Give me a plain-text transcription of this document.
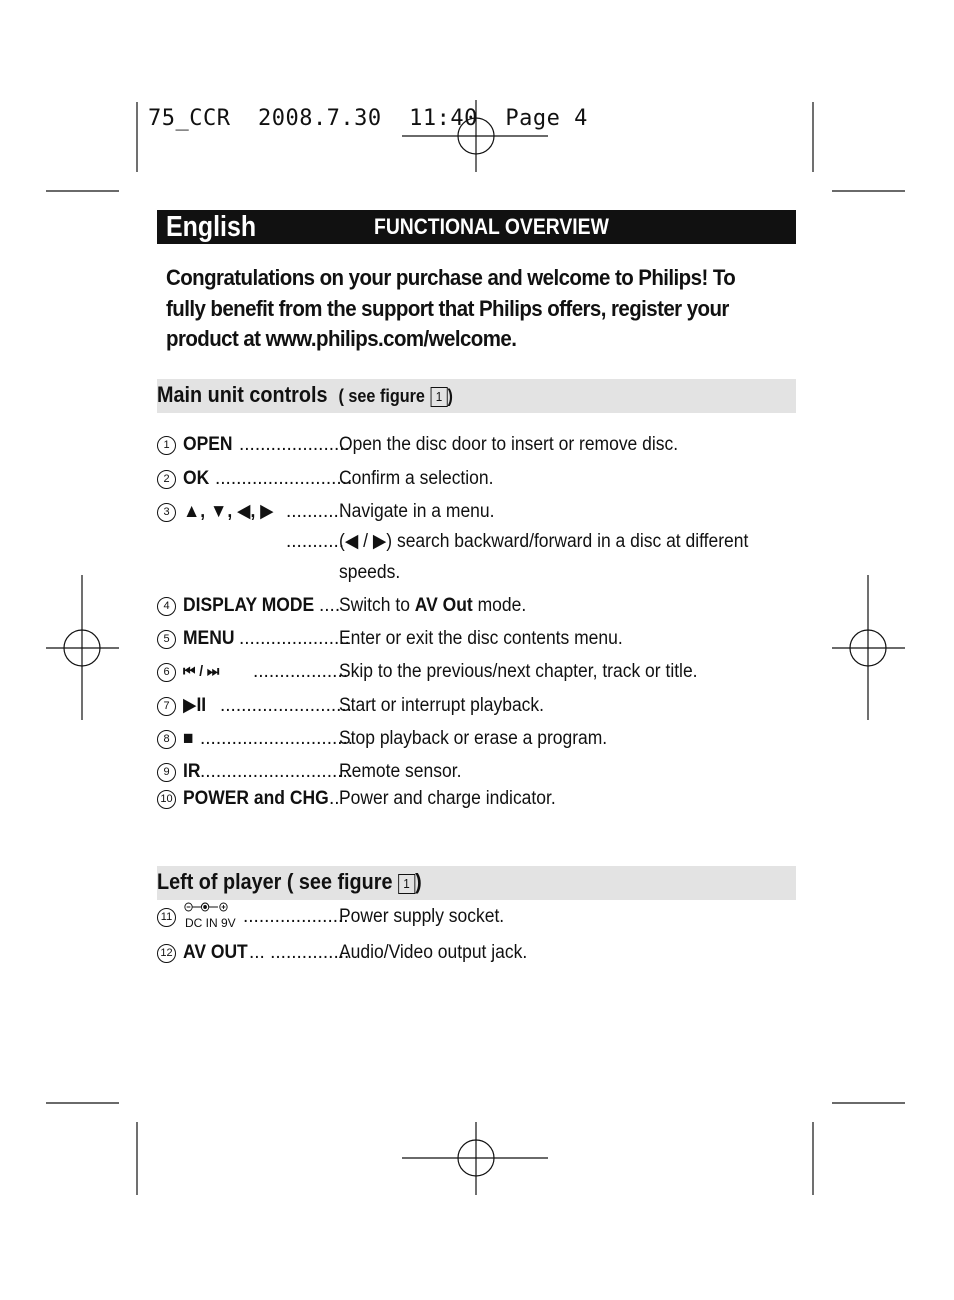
75_CCR  2008.7.30  11:40  Page 4
English	FUNCTIONAL OVERVIEW
Congratulations on your purchase and welcome to Philips! To fully benefit from the support that Philips offers, register your product at www.philips.com/welcome.
Main unit controls ( see figure 1 )
1 OPEN .....................
Open the disc door to insert or remove disc.
2 OK ..........................
Confirm a selection.
3 ▲, ▼, ◀, ▶ ...........
Navigate in a menu.
...........
(◀ / ▶) search backward/forward in a disc at different
speeds.
4 DISPLAY MODE ....
Switch to AV Out mode.
5 MENU .....................
Enter or exit the disc contents menu.
6 ⏮ / ⏭ ..................
Skip to the previous/next chapter, track or title.
7 ▶II .........................
Start or interrupt playback.
8 ■ .............................
Stop playback or erase a program.
9 IR .............................
Remote sensor.
10 POWER and CHG .. Power and charge indicator.
Left of player ( see figure 1 )
11	DC IN 9V ....................
Power supply socket.
12 AV OUT ... ...............
Audio/Video output jack.
